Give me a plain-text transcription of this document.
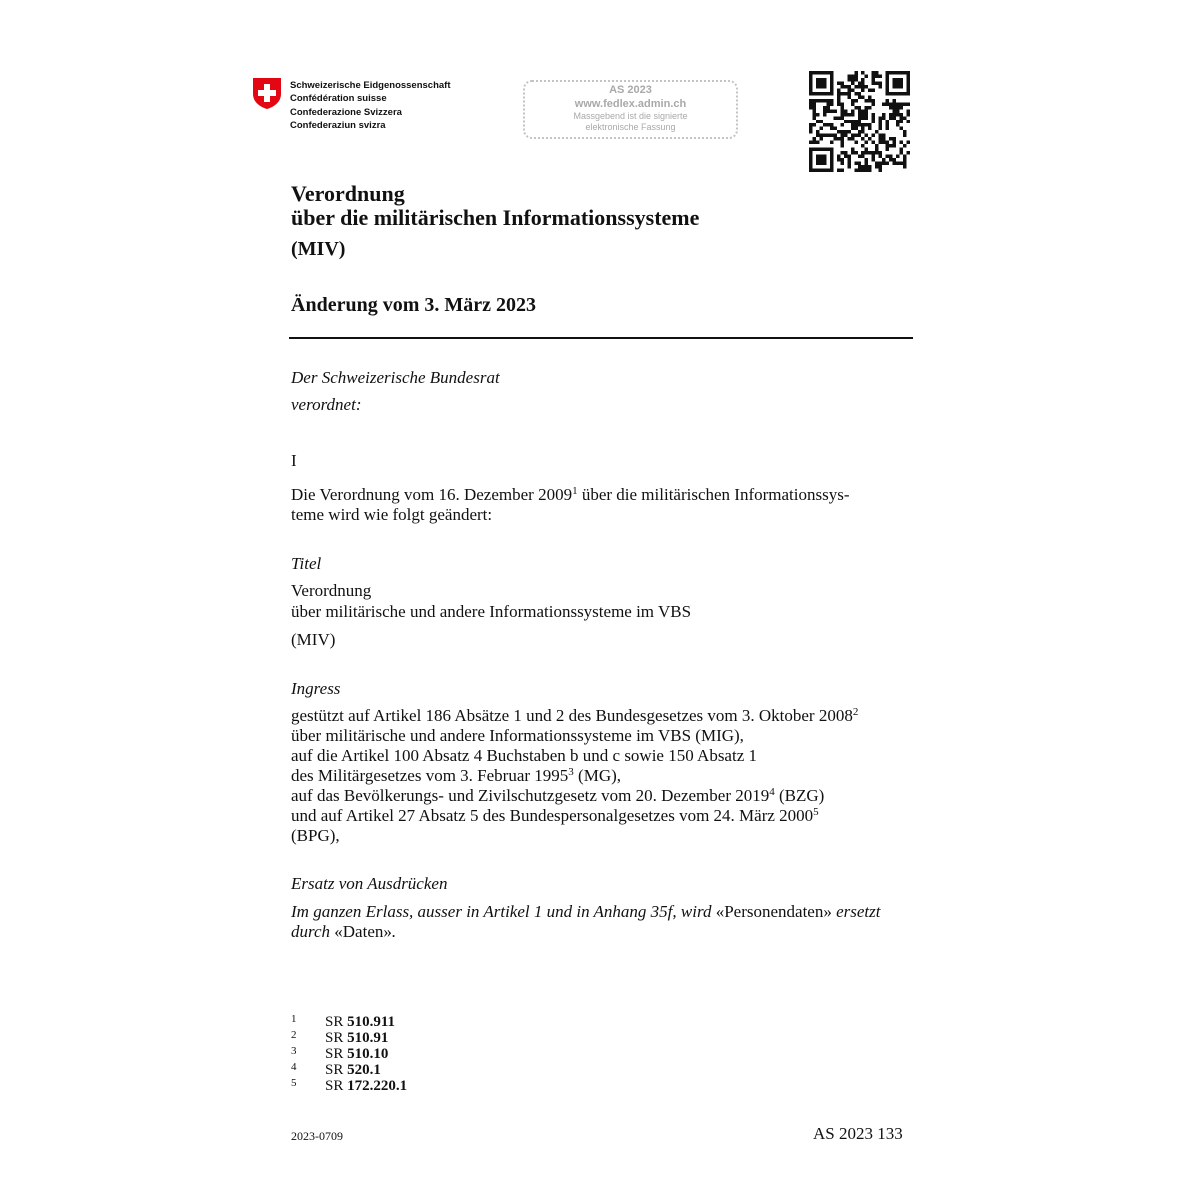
Schweizerische Eidgenossenschaft
Confédération suisse
Confederazione Svizzera
Confederaziun svizra
AS 2023
www.fedlex.admin.ch
Massgebend ist die signierte
elektronische Fassung
Verordnung
über die militärischen Informationssysteme
(MIV)
Änderung vom 3. März 2023
Der Schweizerische Bundesrat
verordnet:
I
Die Verordnung vom 16. Dezember 2009$^1$ über die militärischen Informationssys-
teme wird wie folgt geändert:
Titel
Verordnung
über militärische und andere Informationssysteme im VBS
(MIV)
Ingress
gestützt auf Artikel 186 Absätze 1 und 2 des Bundesgesetzes vom 3. Oktober 2008$^2$
über militärische und andere Informationssysteme im VBS (MIG),
auf die Artikel 100 Absatz 4 Buchstaben b und c sowie 150 Absatz 1
des Militärgesetzes vom 3. Februar 1995$^3$ (MG),
auf das Bevölkerungs- und Zivilschutzgesetz vom 20. Dezember 2019$^4$ (BZG)
und auf Artikel 27 Absatz 5 des Bundespersonalgesetzes vom 24. März 2000$^5$
(BPG),
Ersatz von Ausdrücken
Im ganzen Erlass, ausser in Artikel 1 und in Anhang 35f, wird «Personendaten» ersetzt
durch «Daten».
1 SR 510.911
2 SR 510.91
3 SR 510.10
4 SR 520.1
5 SR 172.220.1
2023-0709	AS 2023 133
